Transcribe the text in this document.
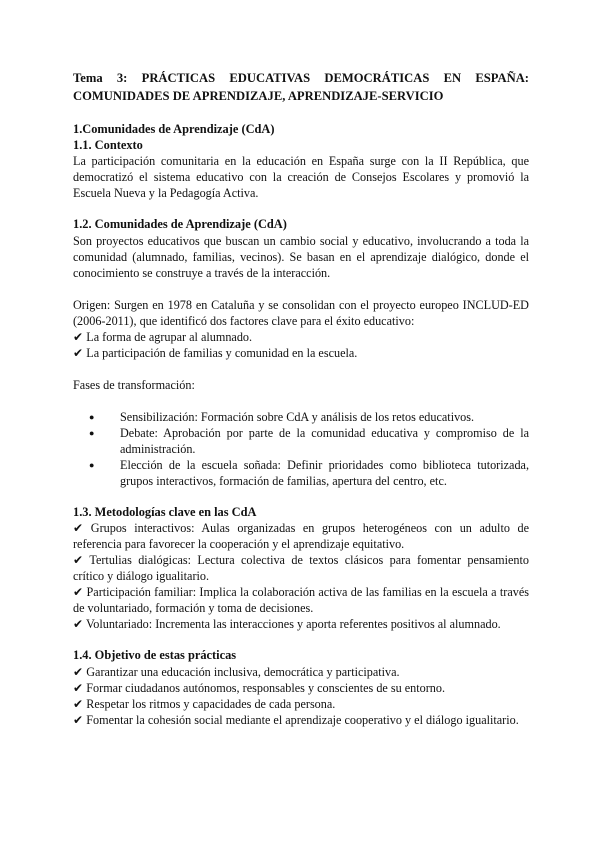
Tema 3: PRÁCTICAS EDUCATIVAS DEMOCRÁTICAS EN ESPAÑA: COMUNIDADES DE APRENDIZAJE, APRENDIZAJE-SERVICIO
1.Comunidades de Aprendizaje (CdA)
1.1. Contexto

La participación comunitaria en la educación en España surge con la II República, que democratizó el sistema educativo con la creación de Consejos Escolares y promovió la Escuela Nueva y la Pedagogía Activa.

1.2. Comunidades de Aprendizaje (CdA)

Son proyectos educativos que buscan un cambio social y educativo, involucrando a toda la comunidad (alumnado, familias, vecinos). Se basan en el aprendizaje dialógico, donde el conocimiento se construye a través de la interacción.

Origen: Surgen en 1978 en Cataluña y se consolidan con el proyecto europeo INCLUD-ED (2006-2011), que identificó dos factores clave para el éxito educativo:

✔ La forma de agrupar al alumnado.
✔ La participación de familias y comunidad en la escuela.

Fases de transformación:

● Sensibilización: Formación sobre CdA y análisis de los retos educativos.
● Debate: Aprobación por parte de la comunidad educativa y compromiso de la administración.
● Elección de la escuela soñada: Definir prioridades como biblioteca tutorizada, grupos interactivos, formación de familias, apertura del centro, etc.
1.3. Metodologías clave en las CdA
✔ Grupos interactivos: Aulas organizadas en grupos heterogéneos con un adulto de referencia para favorecer la cooperación y el aprendizaje equitativo.
✔ Tertulias dialógicas: Lectura colectiva de textos clásicos para fomentar pensamiento crítico y diálogo igualitario.
✔ Participación familiar: Implica la colaboración activa de las familias en la escuela a través de voluntariado, formación y toma de decisiones.
✔ Voluntariado: Incrementa las interacciones y aporta referentes positivos al alumnado.
1.4. Objetivo de estas prácticas
✔ Garantizar una educación inclusiva, democrática y participativa.
✔ Formar ciudadanos autónomos, responsables y conscientes de su entorno.
✔ Respetar los ritmos y capacidades de cada persona.
✔ Fomentar la cohesión social mediante el aprendizaje cooperativo y el diálogo igualitario.
